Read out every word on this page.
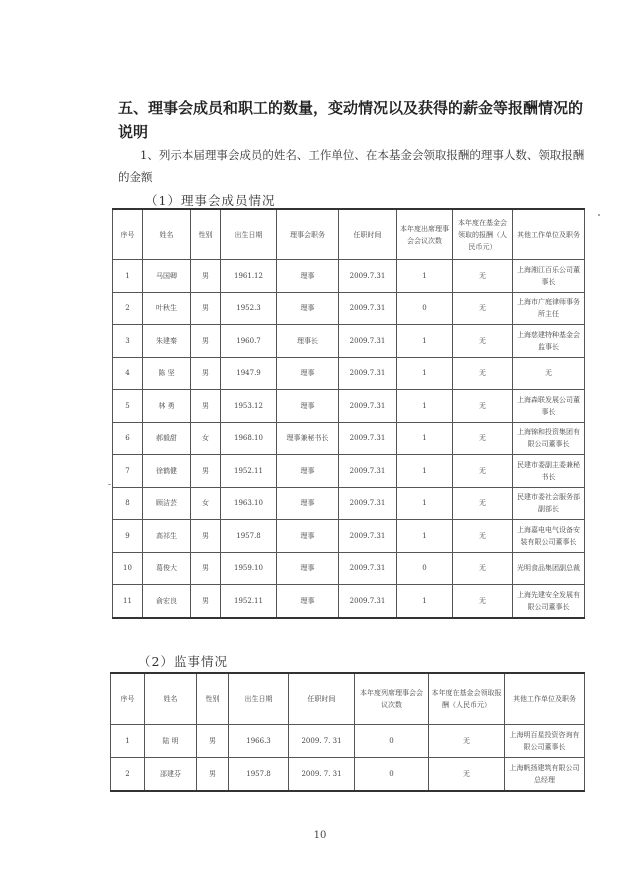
五、理事会成员和职工的数量，变动情况以及获得的薪金等报酬情况的说明
1、列示本届理事会成员的姓名、工作单位、在本基金会领取报酬的理事人数、领取报酬的金额
（1）理事会成员情况
序号	姓名	性别	出生日期	理事会职务	任职时间	本年度出席理事会会议次数	本年度在基金会领取的报酬（人民币元）	其他工作单位及职务
1	马国卿	男	1961.12	理事	2009.7.31	1	无	上海湘江百乐公司董事长
2	叶秋生	男	1952.3	理事	2009.7.31	0	无	上海市广庭律师事务所主任
3	朱建秦	男	1960.7	理事长	2009.7.31	1	无	上海慈建特种基金会监事长
4	陈 坚	男	1947.9	理事	2009.7.31	1	无	无
5	林 勇	男	1953.12	理事	2009.7.31	1	无	上海森联发展公司董事长
6	郝毅甜	女	1968.10	理事兼秘书长	2009.7.31	1	无	上海锦和投资集团有限公司董事长
7	徐鹤健	男	1952.11	理事	2009.7.31	1	无	民建市委副主委兼秘书长
8	顾洁芸	女	1963.10	理事	2009.7.31	1	无	民建市委社会服务部副部长
9	高祁生	男	1957.8	理事	2009.7.31	1	无	上海嘉电电气设备安装有限公司董事长
10	葛俊大	男	1959.10	理事	2009.7.31	0	无	光明食品集团副总裁
11	俞宏良	男	1952.11	理事	2009.7.31	1	无	上海先建安全发展有限公司董事长
（2）监事情况
序号	姓名	性别	出生日期	任职时间	本年度列席理事会会议次数	本年度在基金会领取报酬（人民币元）	其他工作单位及职务
1	陆 明	男	1966.3	2009. 7. 31	0	无	上海明百星投资咨询有限公司董事长
2	邵建芬	男	1957.8	2009. 7. 31	0	无	上海帆扬建筑有限公司总经理
10
